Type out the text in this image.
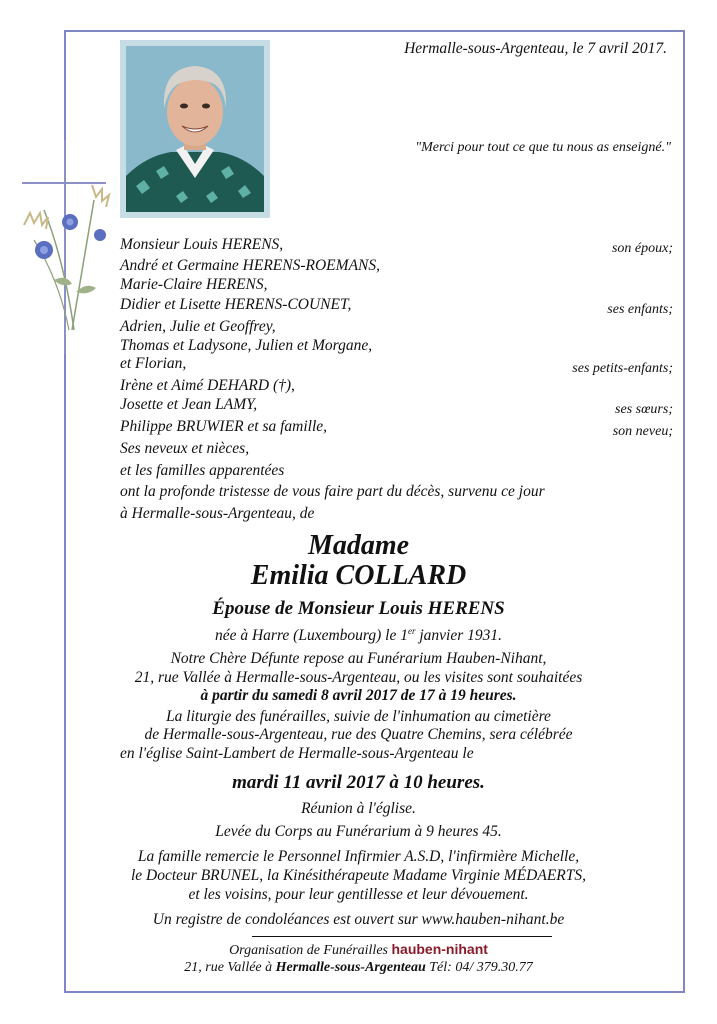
Hermalle-sous-Argenteau, le 7 avril 2017.
"Merci pour tout ce que tu nous as enseigné."
Monsieur Louis HERENS,
André et Germaine HERENS-ROEMANS,
Marie-Claire HERENS,
Didier et Lisette HERENS-COUNET,
Adrien, Julie et Geoffrey,
Thomas et Ladysone, Julien et Morgane,
et Florian,
Irène et Aimé DEHARD (†),
Josette et Jean LAMY,
Philippe BRUWIER et sa famille,
Ses neveux et nièces,
et les familles apparentées
ont la profonde tristesse de vous faire part du décès, survenu ce jour
à Hermalle-sous-Argenteau, de
son époux;
ses enfants;
ses petits-enfants;
ses sœurs;
son neveu;
Madame
Emilia COLLARD
Épouse de Monsieur Louis HERENS
née à Harre (Luxembourg) le 1er janvier 1931.
Notre Chère Défunte repose au Funérarium Hauben-Nihant,
21, rue Vallée à Hermalle-sous-Argenteau, ou les visites sont souhaitées
à partir du samedi 8 avril 2017 de 17 à 19 heures.
La liturgie des funérailles, suivie de l'inhumation au cimetière
de Hermalle-sous-Argenteau, rue des Quatre Chemins, sera célébrée
en l'église Saint-Lambert de Hermalle-sous-Argenteau le
mardi 11 avril 2017 à 10 heures.
Réunion à l'église.
Levée du Corps au Funérarium à 9 heures 45.
La famille remercie le Personnel Infirmier A.S.D, l'infirmière Michelle,
le Docteur BRUNEL, la Kinésithérapeute Madame Virginie MÉDAERTS,
et les voisins, pour leur gentillesse et leur dévouement.
Un registre de condoléances est ouvert sur www.hauben-nihant.be
Organisation de Funérailles hauben-nihant
21, rue Vallée à Hermalle-sous-Argenteau Tél: 04/ 379.30.77
